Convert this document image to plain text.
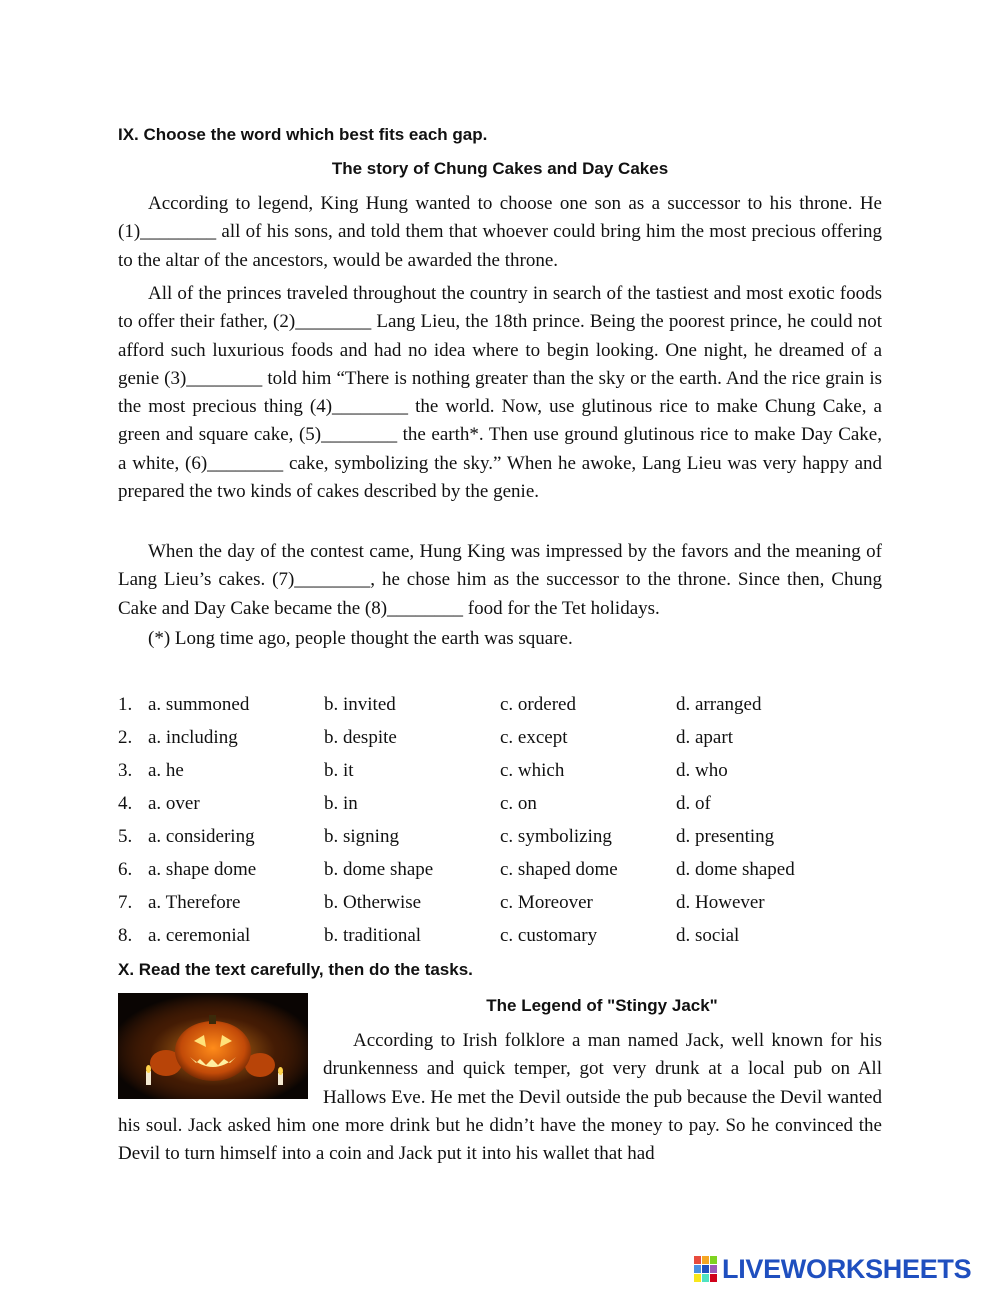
IX. Choose the word which best fits each gap.
The story of Chung Cakes and Day Cakes

According to legend, King Hung wanted to choose one son as a successor to his throne. He (1)________ all of his sons, and told them that whoever could bring him the most precious offering to the altar of the ancestors, would be awarded the throne.

All of the princes traveled throughout the country in search of the tastiest and most exotic foods to offer their father, (2)________ Lang Lieu, the 18th prince. Being the poorest prince, he could not afford such luxurious foods and had no idea where to begin looking. One night, he dreamed of a genie (3)________ told him “There is nothing greater than the sky or the earth. And the rice grain is the most precious thing (4)________ the world. Now, use glutinous rice to make Chung Cake, a green and square cake, (5)________ the earth*. Then use ground glutinous rice to make Day Cake, a white, (6)________ cake, symbolizing the sky.” When he awoke, Lang Lieu was very happy and prepared the two kinds of cakes described by the genie.

When the day of the contest came, Hung King was impressed by the favors and the meaning of Lang Lieu’s cakes. (7)________, he chose him as the successor to the throne. Since then, Chung Cake and Day Cake became the (8)________ food for the Tet holidays.

(*) Long time ago, people thought the earth was square.
1. a. summoned	b. invited	c. ordered	d. arranged
2. a. including	b. despite	c. except	d. apart
3. a. he	b. it	c. which	d. who
4. a. over	b. in	c. on	d. of
5. a. considering	b. signing	c. symbolizing	d. presenting
6. a. shape dome	b. dome shape	c. shaped dome	d. dome shaped
7. a. Therefore	b. Otherwise	c. Moreover	d. However
8. a. ceremonial	b. traditional	c. customary	d. social
X. Read the text carefully, then do the tasks.
The Legend of "Stingy Jack"

According to Irish folklore a man named Jack, well known for his drunkenness and quick temper, got very drunk at a local pub on All Hallows Eve. He met the Devil outside the pub because the Devil wanted his soul. Jack asked him one more drink but he didn’t have the money to pay. So he convinced the Devil to turn himself into a coin and Jack put it into his wallet that had

LIVEWORKSHEETS
